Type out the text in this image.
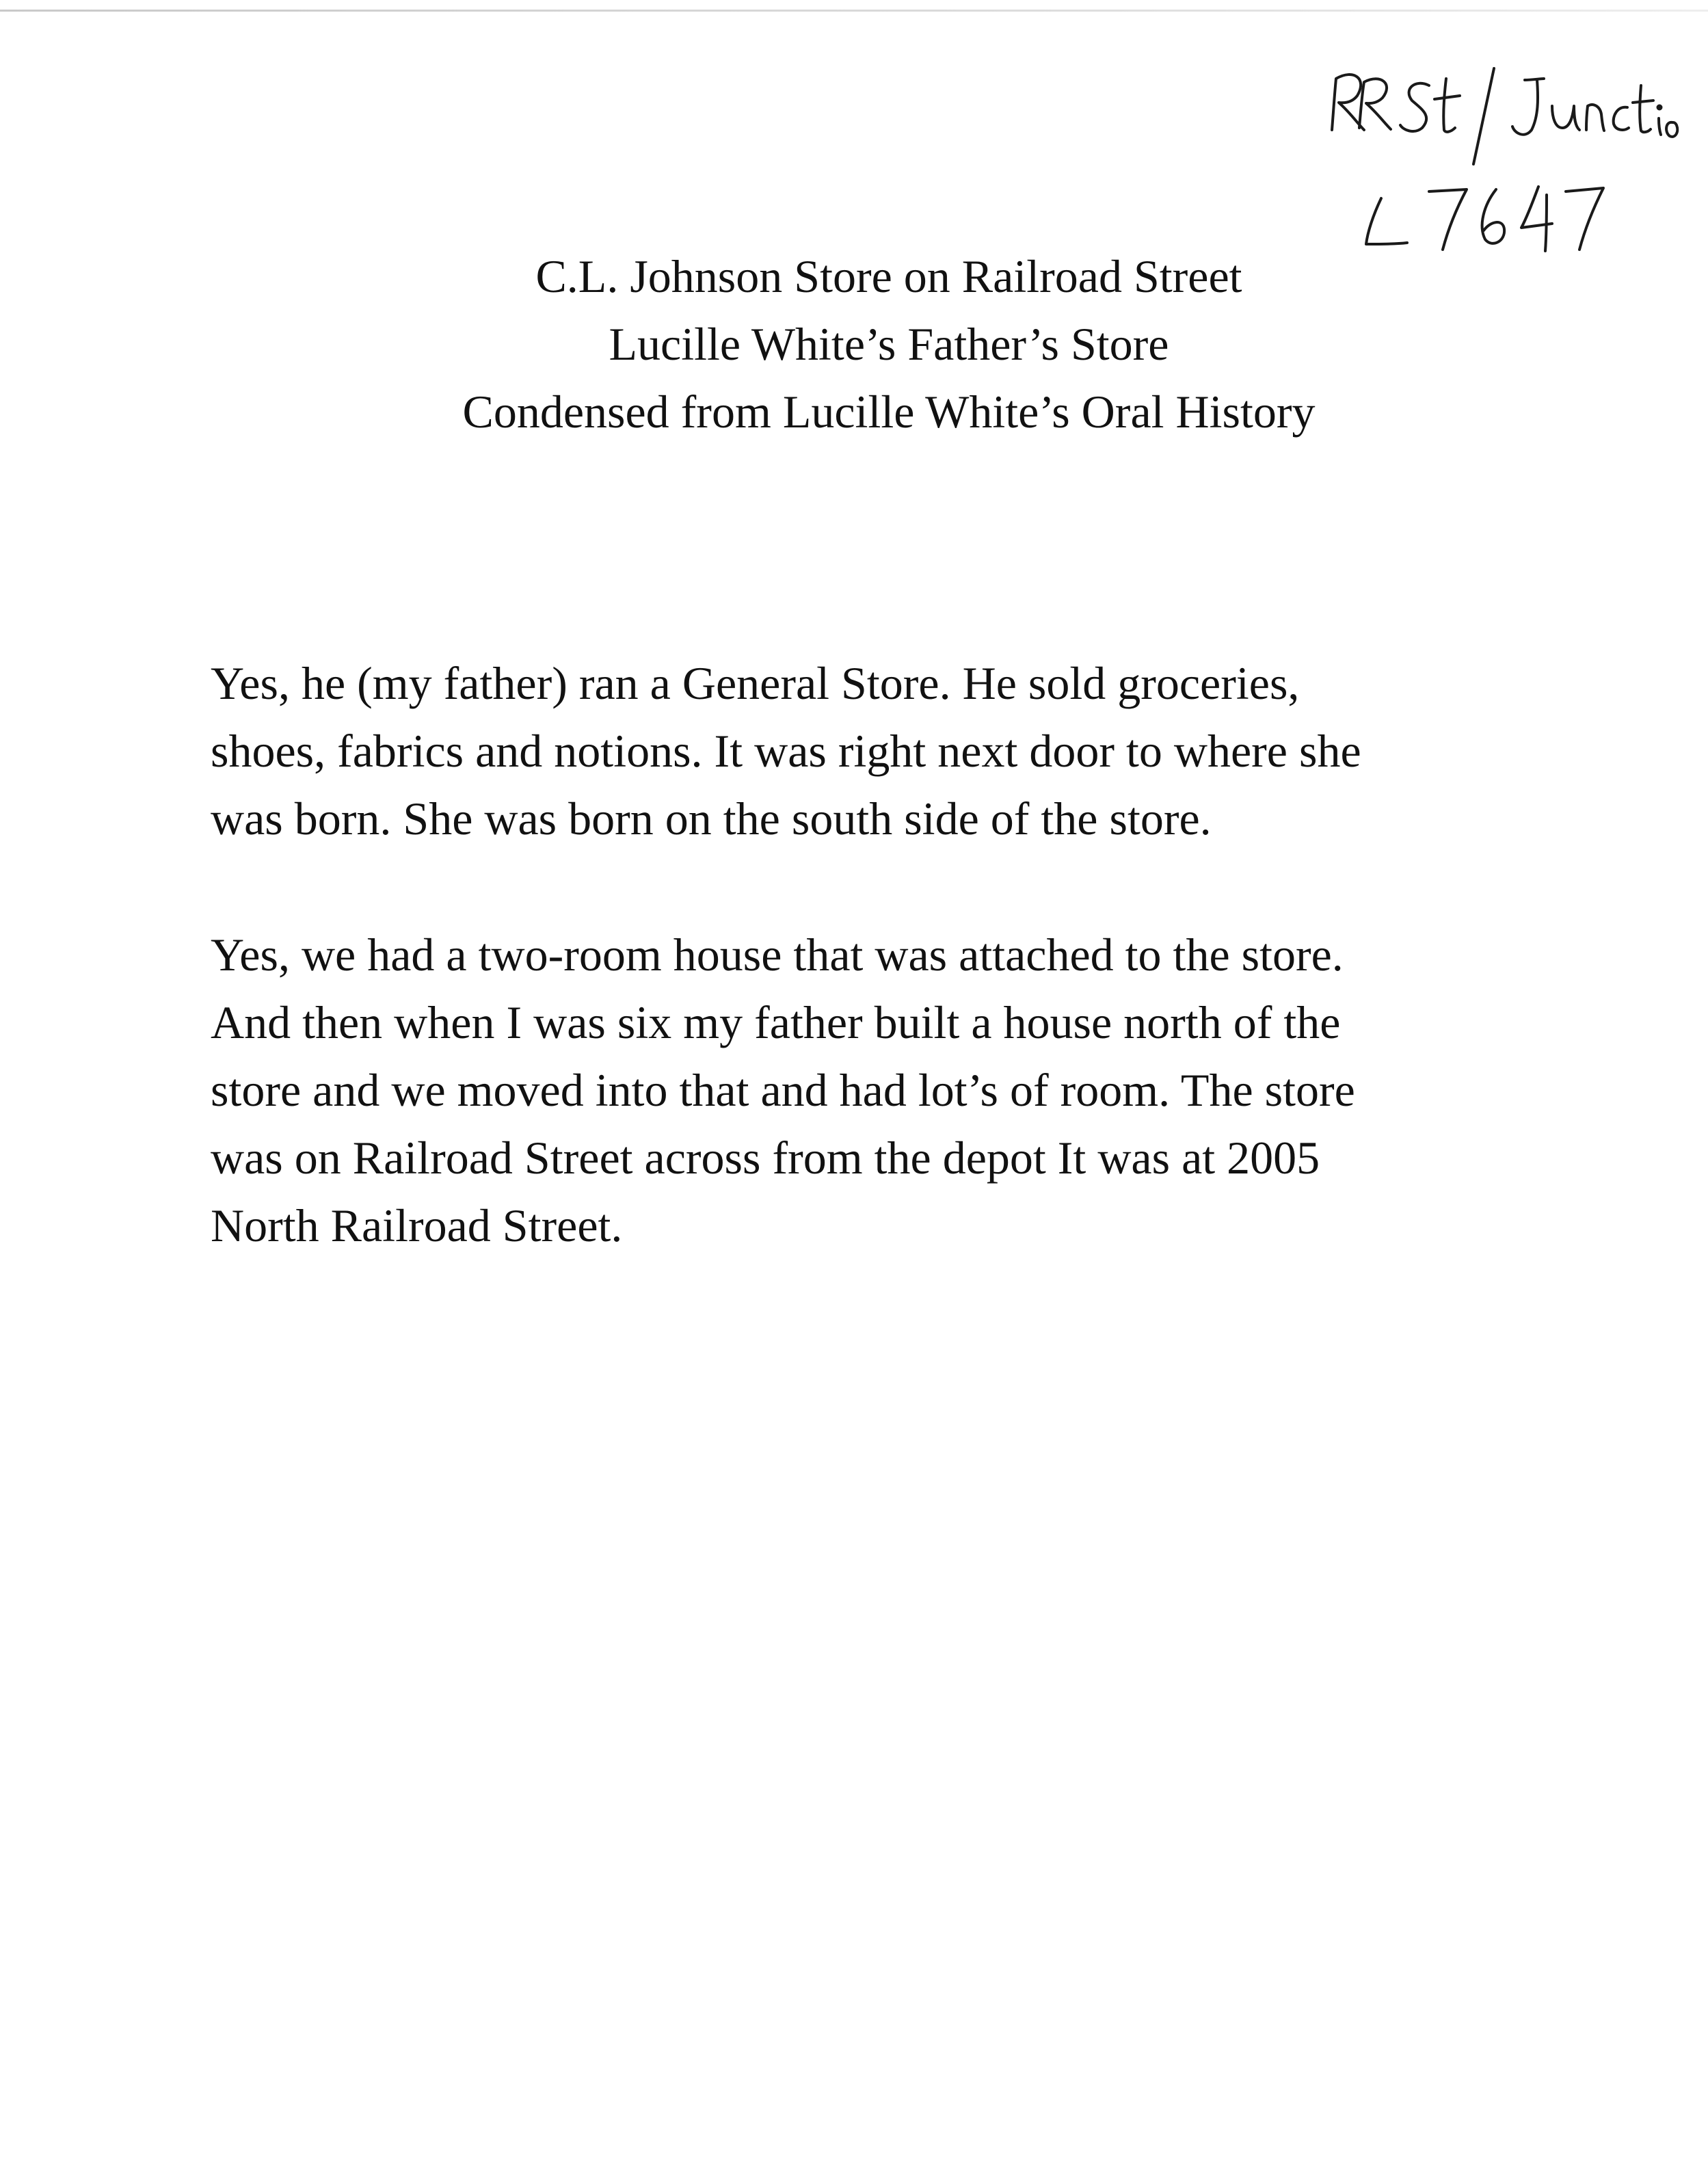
C.L. Johnson Store on Railroad Street
Lucille White’s Father’s Store
Condensed from Lucille White’s Oral History
Yes, he (my father) ran a General Store. He sold groceries,
shoes, fabrics and notions. It was right next door to where she
was born. She was born on the south side of the store.
Yes, we had a two-room house that was attached to the store.
And then when I was six my father built a house north of the
store and we moved into that and had lot’s of room. The store
was on Railroad Street across from the depot It was at 2005
North Railroad Street.
